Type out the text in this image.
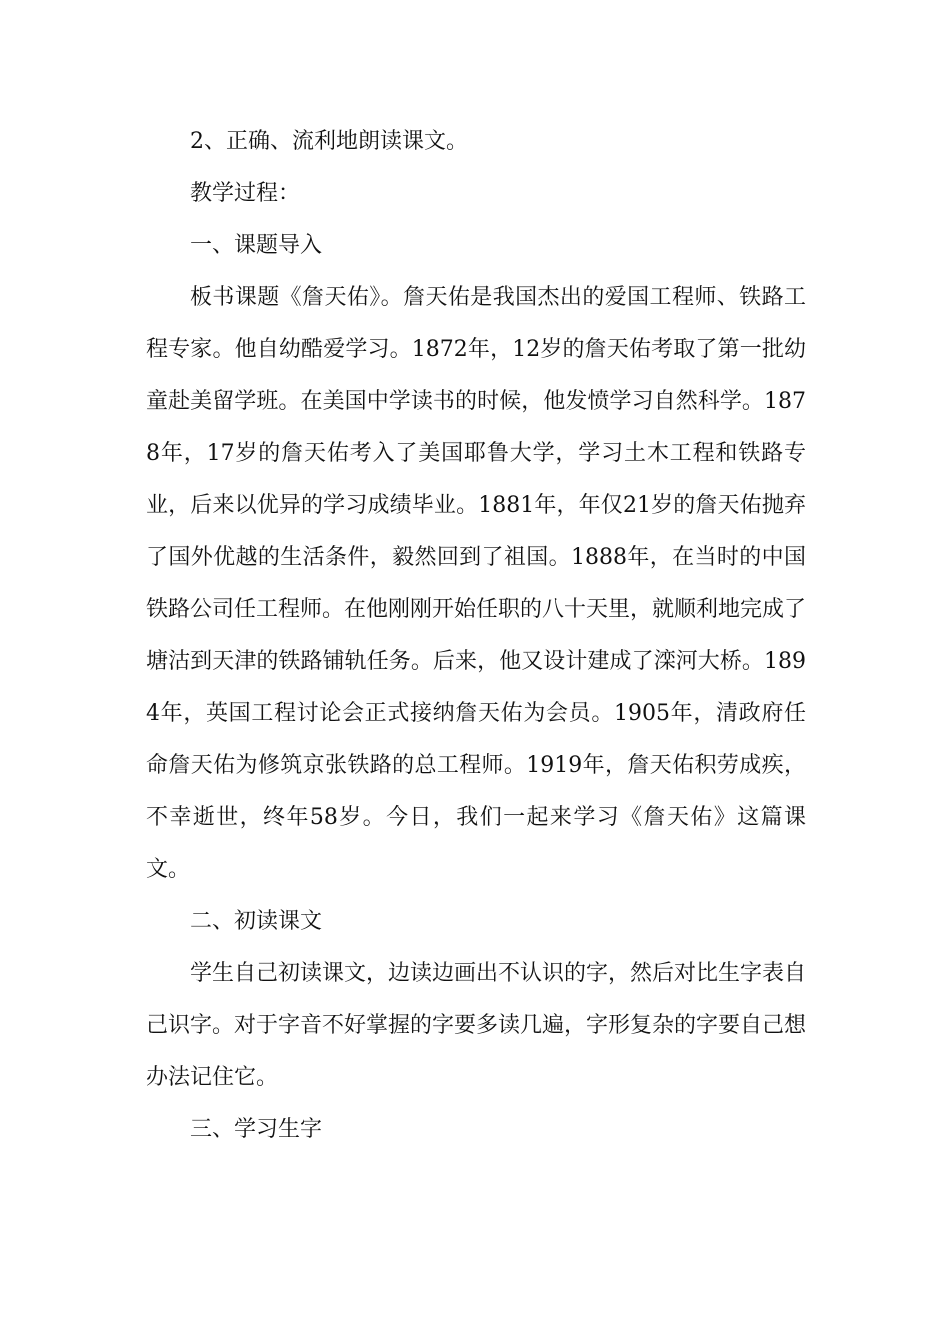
2、正确、流利地朗读课文。

教学过程：

一、课题导入

板书课题《詹天佑》。詹天佑是我国杰出的爱国工程师、铁路工程专家。他自幼酷爱学习。1872年，12岁的詹天佑考取了第一批幼童赴美留学班。在美国中学读书的时候，他发愤学习自然科学。1878年，17岁的詹天佑考入了美国耶鲁大学，学习土木工程和铁路专业，后来以优异的学习成绩毕业。1881年，年仅21岁的詹天佑抛弃了国外优越的生活条件，毅然回到了祖国。1888年，在当时的中国铁路公司任工程师。在他刚刚开始任职的八十天里，就顺利地完成了塘沽到天津的铁路铺轨任务。后来，他又设计建成了滦河大桥。1894年，英国工程讨论会正式接纳詹天佑为会员。1905年，清政府任命詹天佑为修筑京张铁路的总工程师。1919年，詹天佑积劳成疾，不幸逝世，终年58岁。今日，我们一起来学习《詹天佑》这篇课文。

二、初读课文

学生自己初读课文，边读边画出不认识的字，然后对比生字表自己识字。对于字音不好掌握的字要多读几遍，字形复杂的字要自己想办法记住它。

三、学习生字
